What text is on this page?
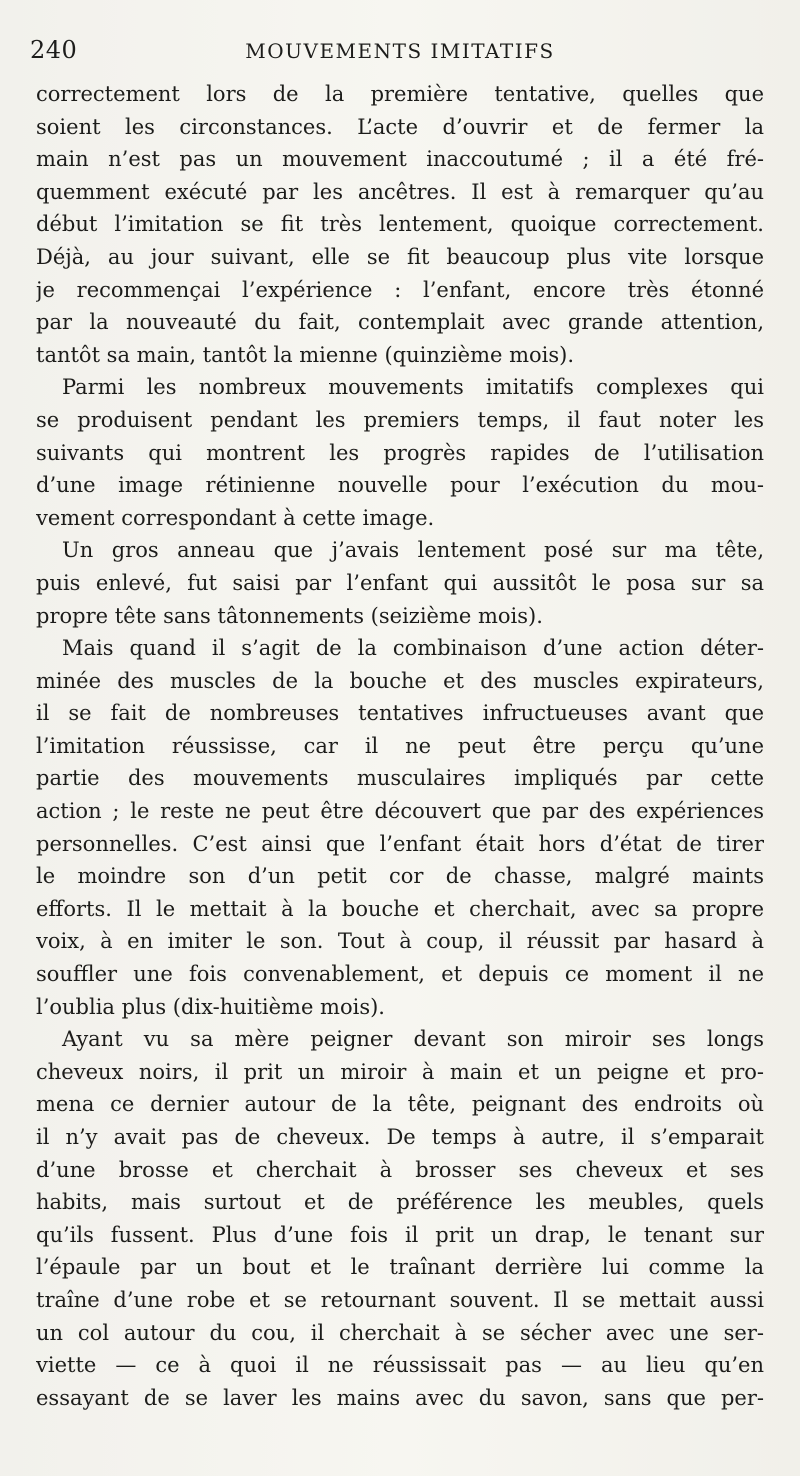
240	MOUVEMENTS IMITATIFS
correctement lors de la première tentative, quelles que
soient les circonstances. L’acte d’ouvrir et de fermer la
main n’est pas un mouvement inaccoutumé ; il a été fré-
quemment exécuté par les ancêtres. Il est à remarquer qu’au
début l’imitation se fit très lentement, quoique correctement.
Déjà, au jour suivant, elle se fit beaucoup plus vite lorsque
je recommençai l’expérience : l’enfant, encore très étonné
par la nouveauté du fait, contemplait avec grande attention,
tantôt sa main, tantôt la mienne (quinzième mois).
Parmi les nombreux mouvements imitatifs complexes qui
se produisent pendant les premiers temps, il faut noter les
suivants qui montrent les progrès rapides de l’utilisation
d’une image rétinienne nouvelle pour l’exécution du mou-
vement correspondant à cette image.
Un gros anneau que j’avais lentement posé sur ma tête,
puis enlevé, fut saisi par l’enfant qui aussitôt le posa sur sa
propre tête sans tâtonnements (seizième mois).
Mais quand il s’agit de la combinaison d’une action déter-
minée des muscles de la bouche et des muscles expirateurs,
il se fait de nombreuses tentatives infructueuses avant que
l’imitation réussisse, car il ne peut être perçu qu’une
partie des mouvements musculaires impliqués par cette
action ; le reste ne peut être découvert que par des expériences
personnelles. C’est ainsi que l’enfant était hors d’état de tirer
le moindre son d’un petit cor de chasse, malgré maints
efforts. Il le mettait à la bouche et cherchait, avec sa propre
voix, à en imiter le son. Tout à coup, il réussit par hasard à
souffler une fois convenablement, et depuis ce moment il ne
l’oublia plus (dix-huitième mois).
Ayant vu sa mère peigner devant son miroir ses longs
cheveux noirs, il prit un miroir à main et un peigne et pro-
mena ce dernier autour de la tête, peignant des endroits où
il n’y avait pas de cheveux. De temps à autre, il s’emparait
d’une brosse et cherchait à brosser ses cheveux et ses
habits, mais surtout et de préférence les meubles, quels
qu’ils fussent. Plus d’une fois il prit un drap, le tenant sur
l’épaule par un bout et le traînant derrière lui comme la
traîne d’une robe et se retournant souvent. Il se mettait aussi
un col autour du cou, il cherchait à se sécher avec une ser-
viette — ce à quoi il ne réussissait pas — au lieu qu’en
essayant de se laver les mains avec du savon, sans que per-
